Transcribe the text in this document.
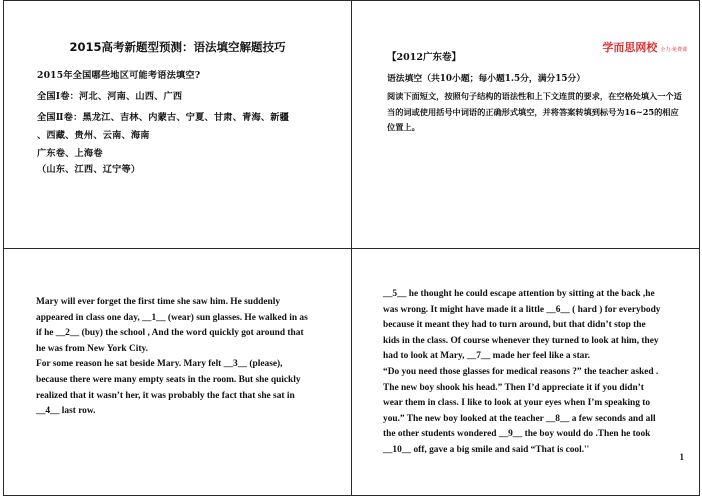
2015高考新题型预测：语法填空解题技巧
2015年全国哪些地区可能考语法填空?
全国Ⅰ卷：河北、河南、山西、广西
全国Ⅱ卷：黑龙江、吉林、内蒙古、宁夏、甘肃、青海、新疆
、西藏、贵州、云南、海南
广东卷、上海卷
（山东、江西、辽宁等）
学而思网校 全力·免费课
【2012广东卷】
语法填空（共10小题；每小题1.5分，满分15分）
阅读下面短文，按照句子结构的语法性和上下文连贯的要求，在空格处填入一个适当的词或使用括号中词语的正确形式填空，并将答案转填到标号为16~25的相应位置上。
Mary will ever forget the first time she saw him. He suddenly
appeared in class one day, __1__ (wear) sun glasses. He walked in as
if he __2__ (buy) the school , And the word quickly got around that
he was from New York City.
For some reason he sat beside Mary. Mary felt __3__ (please),
because there were many empty seats in the room. But she quickly
realized that it wasn’t her, it was probably the fact that she sat in
__4__ last row.
__5__ he thought he could escape attention by sitting at the back ,he
was wrong. It might have made it a little __6__ ( hard ) for everybody
because it meant they had to turn around, but that didn’t stop the
kids in the class. Of course whenever they turned to look at him, they
had to look at Mary, __7__ made her feel like a star.
“Do you need those glasses for medical reasons ?” the teacher asked .
The new boy shook his head.” Then I’d appreciate it if you didn’t
wear them in class. I like to look at your eyes when I’m speaking to
you.” The new boy looked at the teacher __8__ a few seconds and all
the other students wondered __9__ the boy would do .Then he took
__10__ off, gave a big smile and said “That is cool.''
1
